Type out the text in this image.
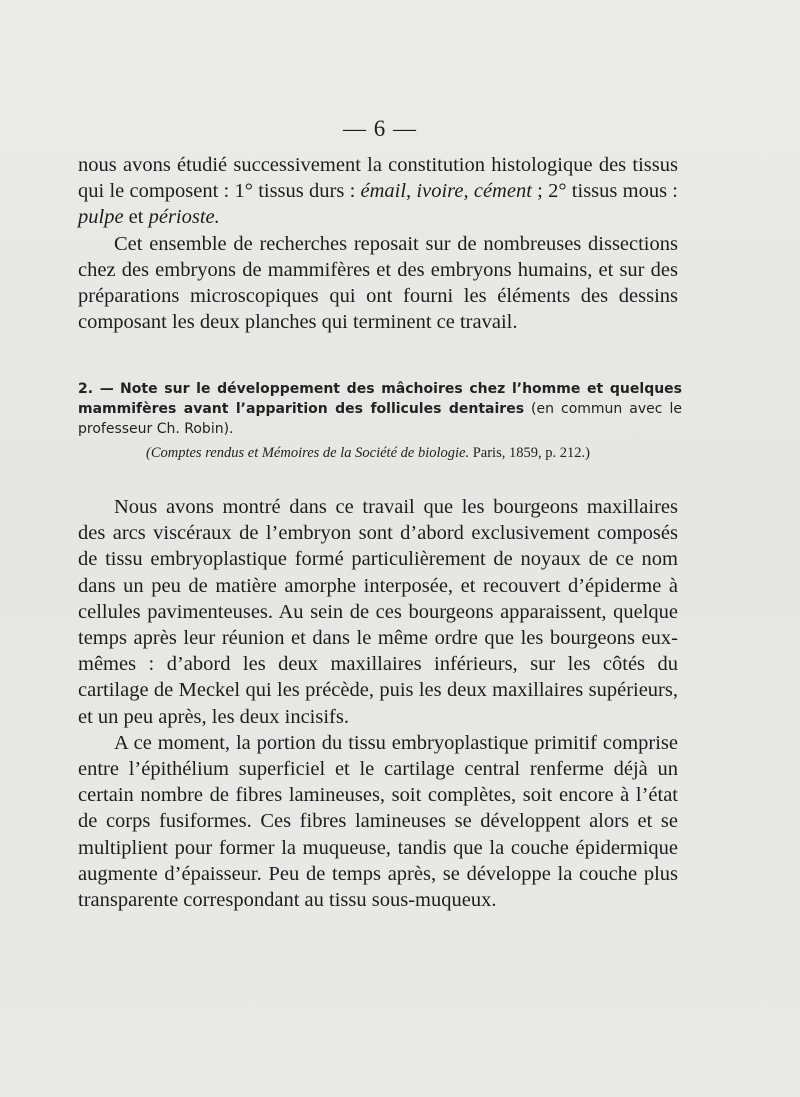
— 6 —

nous avons étudié successivement la constitution histologique des tissus qui le composent : 1° tissus durs : émail, ivoire, cément ; 2° tissus mous : pulpe et périoste.

Cet ensemble de recherches reposait sur de nombreuses dissections chez des embryons de mammifères et des embryons humains, et sur des préparations microscopiques qui ont fourni les éléments des dessins composant les deux planches qui terminent ce travail.

2. — Note sur le développement des mâchoires chez l’homme et quelques mammifères avant l’apparition des follicules dentaires (en commun avec le professeur Ch. Robin).

(Comptes rendus et Mémoires de la Société de biologie. Paris, 1859, p. 212.)

Nous avons montré dans ce travail que les bourgeons maxillaires des arcs viscéraux de l’embryon sont d’abord exclusivement composés de tissu embryoplastique formé particulièrement de noyaux de ce nom dans un peu de matière amorphe interposée, et recouvert d’épiderme à cellules pavimenteuses. Au sein de ces bourgeons apparaissent, quelque temps après leur réunion et dans le même ordre que les bourgeons eux-mêmes : d’abord les deux maxillaires inférieurs, sur les côtés du cartilage de Meckel qui les précède, puis les deux maxillaires supérieurs, et un peu après, les deux incisifs.

A ce moment, la portion du tissu embryoplastique primitif comprise entre l’épithélium superficiel et le cartilage central renferme déjà un certain nombre de fibres lamineuses, soit complètes, soit encore à l’état de corps fusiformes. Ces fibres lamineuses se développent alors et se multiplient pour former la muqueuse, tandis que la couche épidermique augmente d’épaisseur. Peu de temps après, se développe la couche plus transparente correspondant au tissu sous-muqueux.
